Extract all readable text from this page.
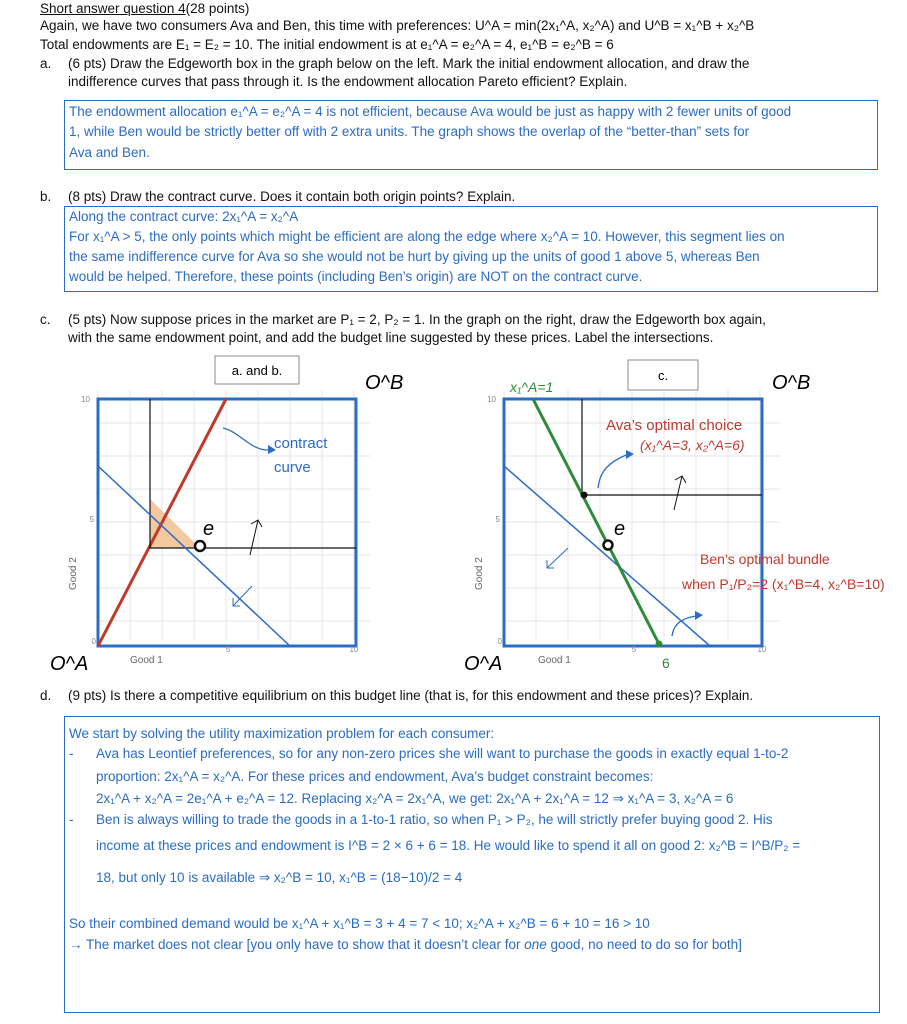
Short answer question 4(28 points)
Again, we have two consumers Ava and Ben, this time with preferences: U^A = min(2x₁^A, x₂^A) and U^B = x₁^B + x₂^B
Total endowments are E₁ = E₂ = 10. The initial endowment is at e₁^A = e₂^A = 4, e₁^B = e₂^B = 6
a. (6 pts) Draw the Edgeworth box in the graph below on the left. Mark the initial endowment allocation, and draw the
indifference curves that pass through it. Is the endowment allocation Pareto efficient? Explain.
The endowment allocation e₁^A = e₂^A = 4 is not efficient, because Ava would be just as happy with 2 fewer units of good
1, while Ben would be strictly better off with 2 extra units. The graph shows the overlap of the “better-than” sets for
Ava and Ben.
b. (8 pts) Draw the contract curve. Does it contain both origin points? Explain.
Along the contract curve: 2x₁^A = x₂^A
For x₁^A > 5, the only points which might be efficient are along the edge where x₂^A = 10. However, this segment lies on
the same indifference curve for Ava so she would not be hurt by giving up the units of good 1 above 5, whereas Ben
would be helped. Therefore, these points (including Ben’s origin) are NOT on the contract curve.
c. (5 pts) Now suppose prices in the market are P₁ = 2, P₂ = 1. In the graph on the right, draw the Edgeworth box again,
with the same endowment point, and add the budget line suggested by these prices. Label the intersections.
a. and b.
O^B
O^A
10
5
0
5	10
Good 1
Good 2
contract
curve
e
c.	O^B
O^A
x₁^A=1
10
5
0
5	10
Good 1
Good 2
Ava’s optimal choice
(x₁^A=3, x₂^A=6)
e
Ben’s optimal bundle
when P₁/P₂=2 (x₁^B=4, x₂^B=10)
6
d. (9 pts) Is there a competitive equilibrium on this budget line (that is, for this endowment and these prices)? Explain.
We start by solving the utility maximization problem for each consumer:
- Ava has Leontief preferences, so for any non-zero prices she will want to purchase the goods in exactly equal 1-to-2
proportion: 2x₁^A = x₂^A. For these prices and endowment, Ava’s budget constraint becomes:
2x₁^A + x₂^A = 2e₁^A + e₂^A = 12. Replacing x₂^A = 2x₁^A, we get: 2x₁^A + 2x₁^A = 12 ⇒ x₁^A = 3, x₂^A = 6
- Ben is always willing to trade the goods in a 1-to-1 ratio, so when P₁ > P₂, he will strictly prefer buying good 2. His
income at these prices and endowment is I^B = 2 × 6 + 6 = 18. He would like to spend it all on good 2: x₂^B = I^B/P₂ =
18, but only 10 is available ⇒ x₂^B = 10, x₁^B = (18−10)/2 = 4
So their combined demand would be x₁^A + x₁^B = 3 + 4 = 7 < 10; x₂^A + x₂^B = 6 + 10 = 16 > 10
→ The market does not clear [you only have to show that it doesn’t clear for one good, no need to do so for both]
